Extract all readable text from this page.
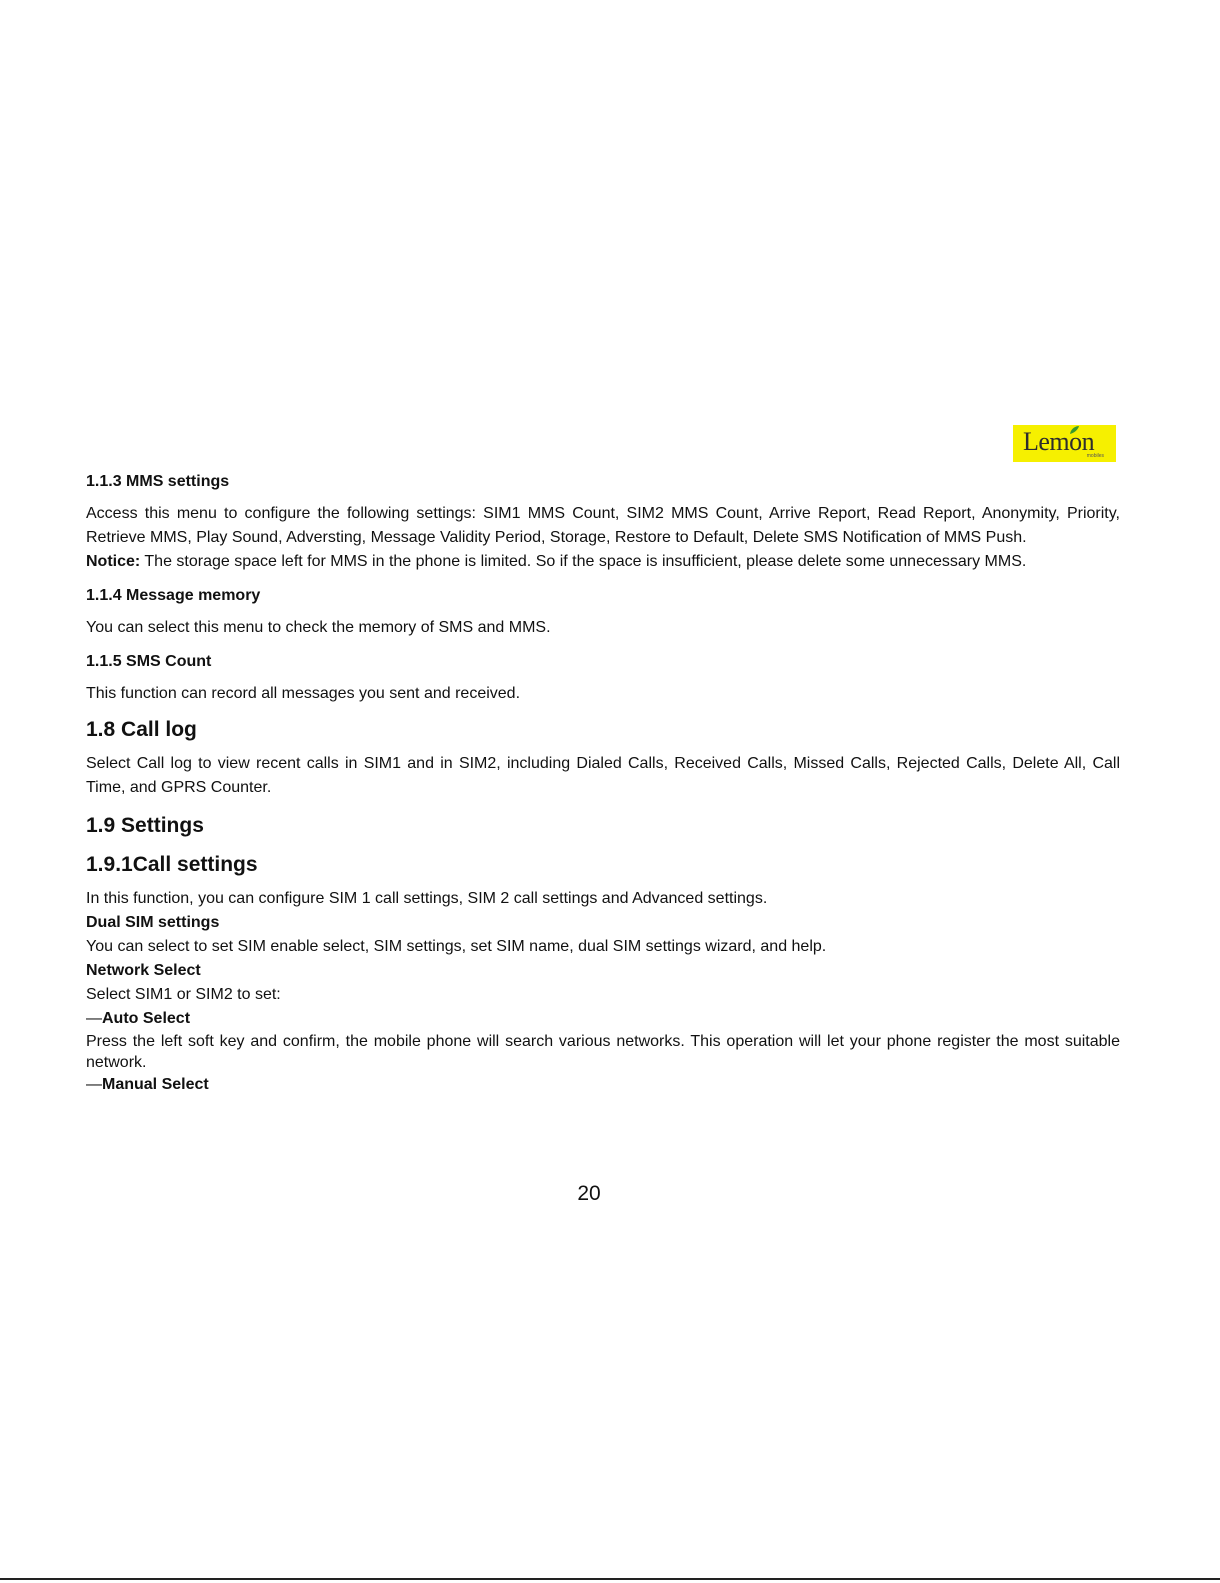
Lemon
mobiles
1.1.3 MMS settings

Access this menu to configure the following settings: SIM1 MMS Count, SIM2 MMS Count, Arrive Report, Read Report, Anonymity, Priority, Retrieve MMS, Play Sound, Adversting, Message Validity Period, Storage, Restore to Default, Delete SMS Notification of MMS Push.

Notice: The storage space left for MMS in the phone is limited. So if the space is insufficient, please delete some unnecessary MMS.

1.1.4 Message memory

You can select this menu to check the memory of SMS and MMS.

1.1.5 SMS Count

This function can record all messages you sent and received.

1.8 Call log

Select Call log to view recent calls in SIM1 and in SIM2, including Dialed Calls, Received Calls, Missed Calls, Rejected Calls, Delete All, Call Time, and GPRS Counter.

1.9 Settings
1.9.1Call settings

In this function, you can configure SIM 1 call settings, SIM 2 call settings and Advanced settings.

Dual SIM settings

You can select to set SIM enable select, SIM settings, set SIM name, dual SIM settings wizard, and help.

Network Select

Select SIM1 or SIM2 to set:

—Auto Select

Press the left soft key and confirm, the mobile phone will search various networks. This operation will let your phone register the most suitable network.

—Manual Select
20
